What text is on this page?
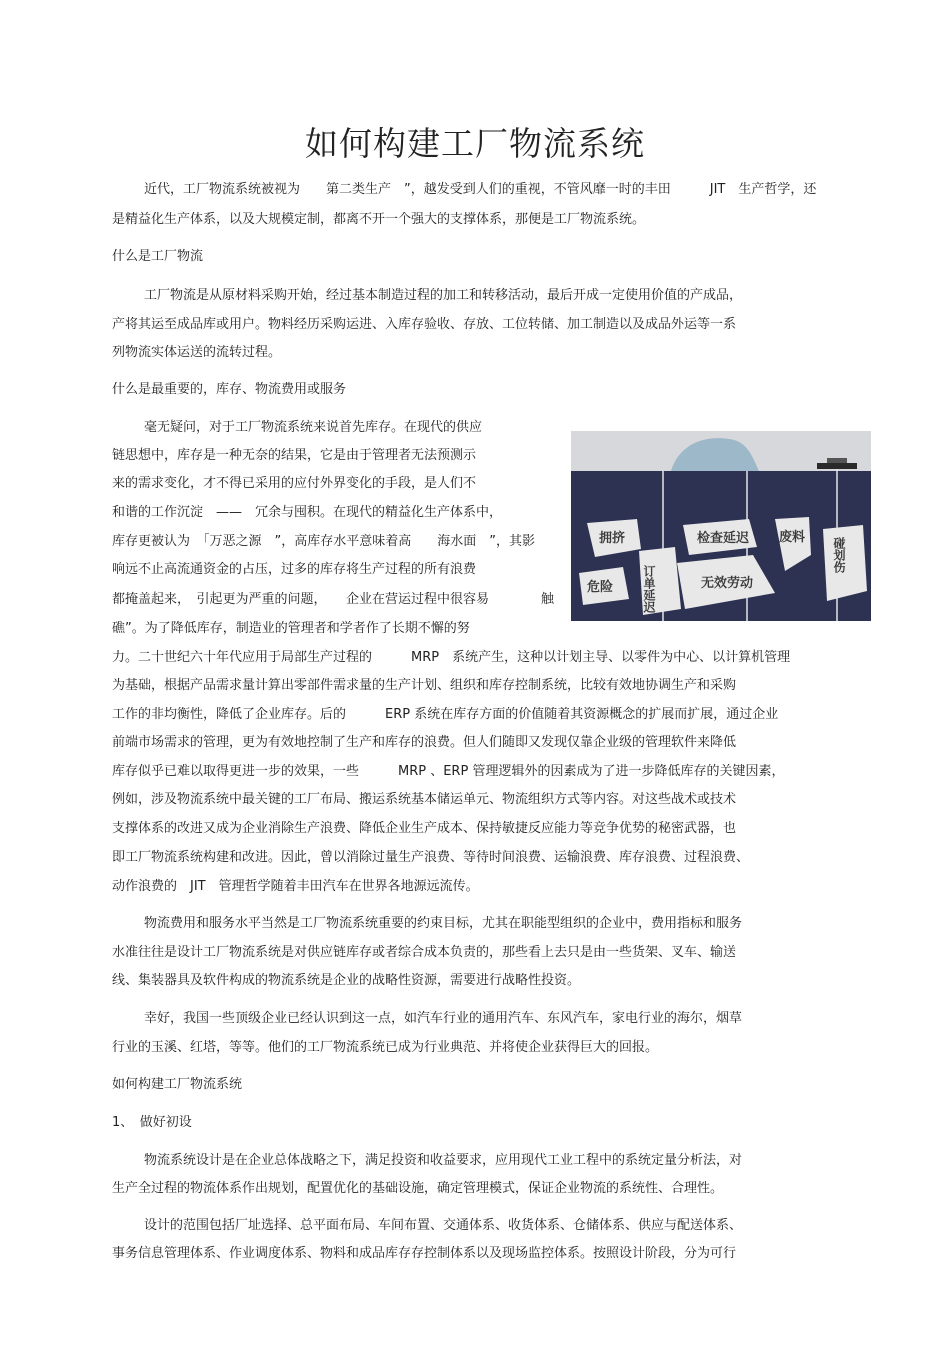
如何构建工厂物流系统
近代，工厂物流系统被视为　　第二类生产　”，越发受到人们的重视，不管风靡一时的丰田　　　JIT　生产哲学，还
是精益化生产体系，以及大规模定制，都离不开一个强大的支撑体系，那便是工厂物流系统。
什么是工厂物流
工厂物流是从原材料采购开始，经过基本制造过程的加工和转移活动，最后开成一定使用价值的产成品，
产将其运至成品库或用户。物料经历采购运进、入库存验收、存放、工位转储、加工制造以及成品外运等一系
列物流实体运送的流转过程。
什么是最重要的，库存、物流费用或服务
毫无疑问，对于工厂物流系统来说首先库存。在现代的供应
链思想中，库存是一种无奈的结果，它是由于管理者无法预测示
来的需求变化，才不得已采用的应付外界变化的手段，是人们不
和谐的工作沉淀　——　冗余与囤积。在现代的精益化生产体系中，
库存更被认为　「万恶之源　”，高库存水平意味着高　　海水面　”，其影
响远不止高流通资金的占压，过多的库存将生产过程的所有浪费
都掩盖起来，　引起更为严重的问题，　　企业在营运过程中很容易　　　　触
礁”。为了降低库存，制造业的管理者和学者作了长期不懈的努
力。二十世纪六十年代应用于局部生产过程的　　　MRP　系统产生，这种以计划主导、以零件为中心、以计算机管理
为基础，根据产品需求量计算出零部件需求量的生产计划、组织和库存控制系统，比较有效地协调生产和采购
工作的非均衡性，降低了企业库存。后的　　　ERP 系统在库存方面的价值随着其资源概念的扩展而扩展，通过企业
前端市场需求的管理，更为有效地控制了生产和库存的浪费。但人们随即又发现仅靠企业级的管理软件来降低
库存似乎已难以取得更进一步的效果，一些　　　MRP 、ERP 管理逻辑外的因素成为了进一步降低库存的关键因素，
例如，涉及物流系统中最关键的工厂布局、搬运系统基本储运单元、物流组织方式等内容。对这些战术或技术
支撑体系的改进又成为企业消除生产浪费、降低企业生产成本、保持敏捷反应能力等竞争优势的秘密武器，也
即工厂物流系统构建和改进。因此，曾以消除过量生产浪费、等待时间浪费、运输浪费、库存浪费、过程浪费、
动作浪费的　JIT　管理哲学随着丰田汽车在世界各地源远流传。
物流费用和服务水平当然是工厂物流系统重要的约束目标，尤其在职能型组织的企业中，费用指标和服务
水准往往是设计工厂物流系统是对供应链库存或者综合成本负责的，那些看上去只是由一些货架、叉车、输送
线、集装器具及软件构成的物流系统是企业的战略性资源，需要进行战略性投资。
幸好，我国一些顶级企业已经认识到这一点，如汽车行业的通用汽车、东风汽车，家电行业的海尔，烟草
行业的玉溪、红塔，等等。他们的工厂物流系统已成为行业典范、并将使企业获得巨大的回报。
如何构建工厂物流系统
1、　做好初设
物流系统设计是在企业总体战略之下，满足投资和收益要求，应用现代工业工程中的系统定量分析法，对
生产全过程的物流体系作出规划，配置优化的基础设施，确定管理模式，保证企业物流的系统性、合理性。
设计的范围包括厂址选择、总平面布局、车间布置、交通体系、收货体系、仓储体系、供应与配送体系、
事务信息管理体系、作业调度体系、物料和成品库存存控制体系以及现场监控体系。按照设计阶段，分为可行
拥挤
危险
检查延迟
无效劳动
废料
订单延迟
碰划伤
